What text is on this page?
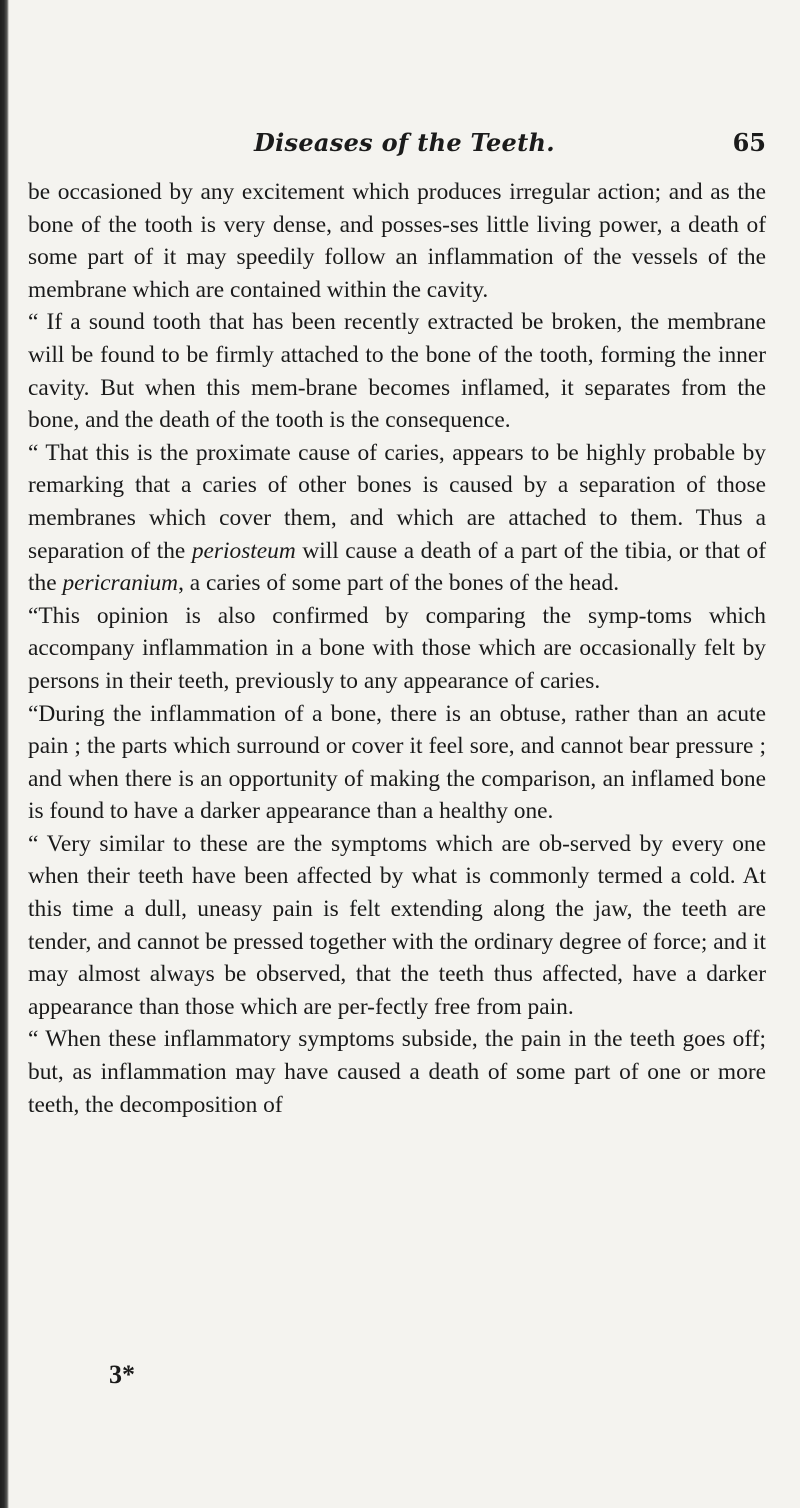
Diseases of the Teeth.	65

be occasioned by any excitement which produces irregular action; and as the bone of the tooth is very dense, and posses-ses little living power, a death of some part of it may speedily follow an inflammation of the vessels of the membrane which are contained within the cavity.

“ If a sound tooth that has been recently extracted be broken, the membrane will be found to be firmly attached to the bone of the tooth, forming the inner cavity. But when this mem-brane becomes inflamed, it separates from the bone, and the death of the tooth is the consequence.

“ That this is the proximate cause of caries, appears to be highly probable by remarking that a caries of other bones is caused by a separation of those membranes which cover them, and which are attached to them. Thus a separation of the periosteum will cause a death of a part of the tibia, or that of the pericranium, a caries of some part of the bones of the head.

“This opinion is also confirmed by comparing the symp-toms which accompany inflammation in a bone with those which are occasionally felt by persons in their teeth, previously to any appearance of caries.

“During the inflammation of a bone, there is an obtuse, rather than an acute pain ; the parts which surround or cover it feel sore, and cannot bear pressure ; and when there is an opportunity of making the comparison, an inflamed bone is found to have a darker appearance than a healthy one.

“ Very similar to these are the symptoms which are ob-served by every one when their teeth have been affected by what is commonly termed a cold. At this time a dull, uneasy pain is felt extending along the jaw, the teeth are tender, and cannot be pressed together with the ordinary degree of force; and it may almost always be observed, that the teeth thus affected, have a darker appearance than those which are per-fectly free from pain.

“ When these inflammatory symptoms subside, the pain in the teeth goes off; but, as inflammation may have caused a death of some part of one or more teeth, the decomposition of

3*
